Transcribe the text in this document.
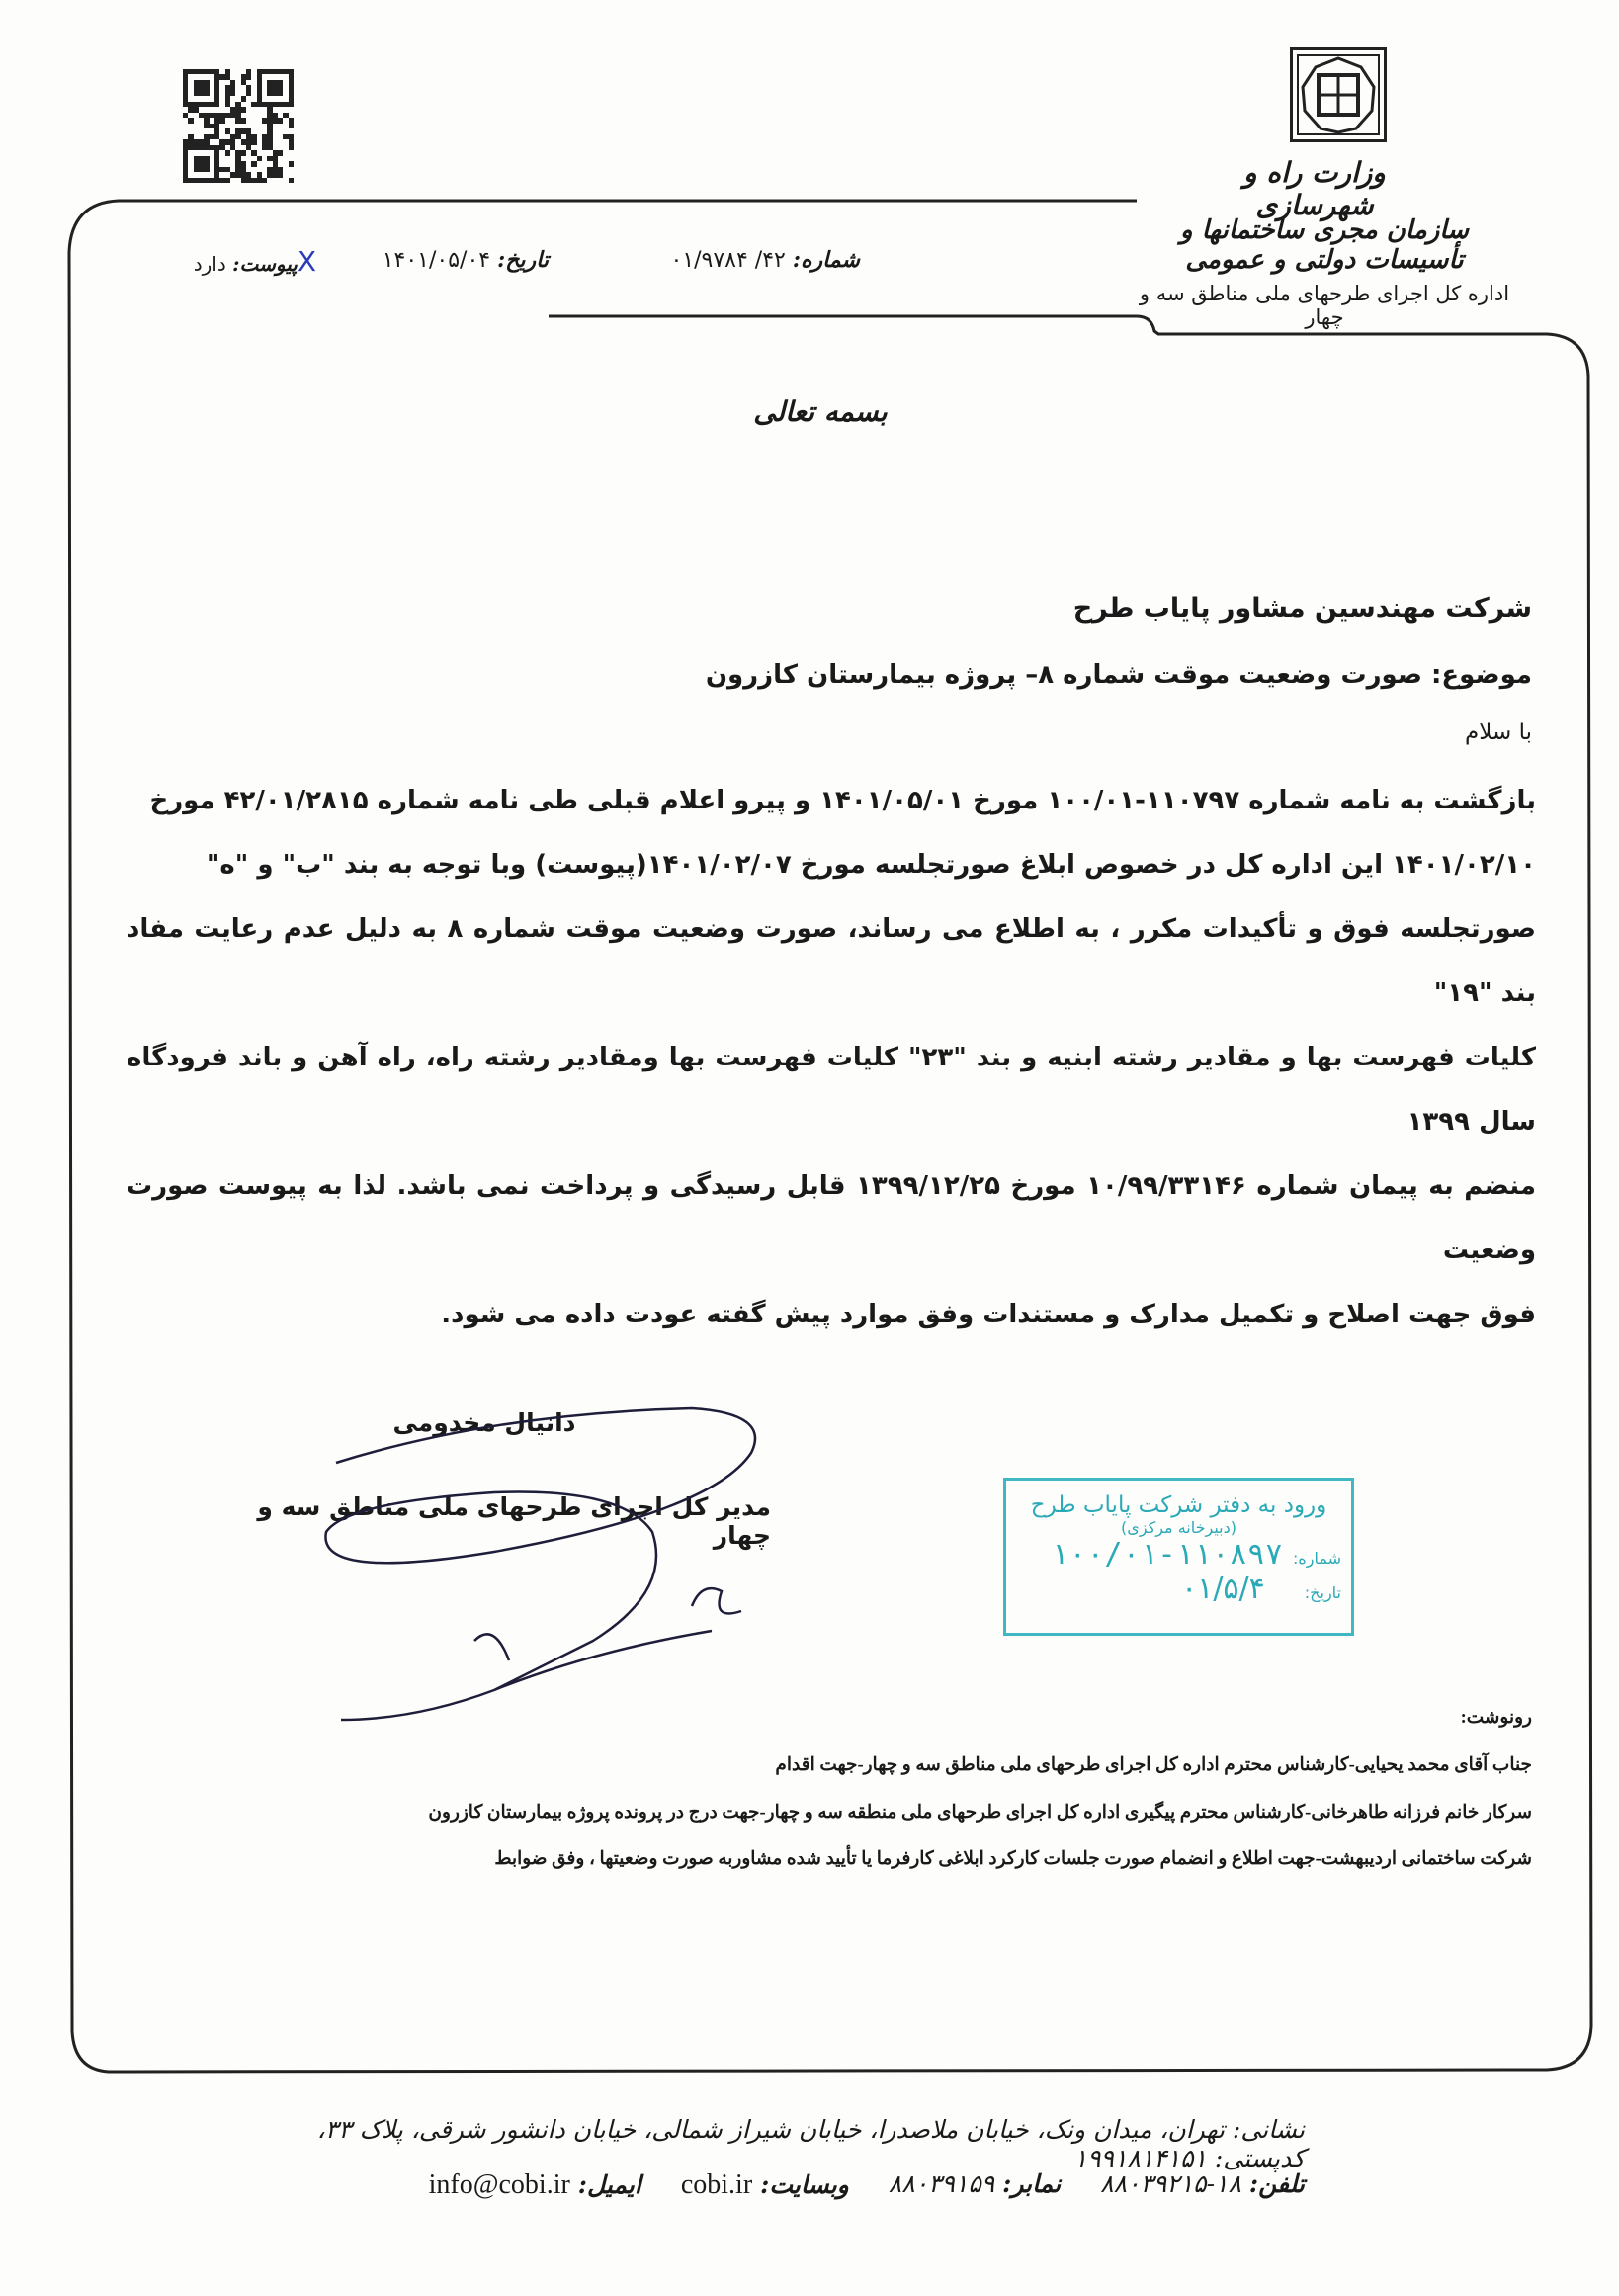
وزارت راه و شهرسازی
سازمان مجری ساختمانها و تأسیسات دولتی و عمومی
اداره کل اجرای طرحهای ملی مناطق سه و چهار
شماره: ۴۲/ ۰۱/۹۷۸۴
تاریخ: ۱۴۰۱/۰۵/۰۴
Xپیوست: دارد
بسمه تعالی
شرکت مهندسین مشاور پایاب طرح
موضوع: صورت وضعیت موقت شماره ۸– پروژه بیمارستان کازرون
با سلام
بازگشت به نامه شماره ۱۱۰۷۹۷-۱۰۰/۰۱ مورخ ۱۴۰۱/۰۵/۰۱ و پیرو اعلام قبلی طی نامه شماره ۴۲/۰۱/۲۸۱۵ مورخ
۱۴۰۱/۰۲/۱۰ این اداره کل در خصوص ابلاغ صورتجلسه مورخ ۱۴۰۱/۰۲/۰۷(پیوست) وبا توجه به بند "ب" و "ه"
صورتجلسه فوق و تأکیدات مکرر ، به اطلاع می رساند، صورت وضعیت موقت شماره ۸ به دلیل عدم رعایت مفاد بند "۱۹"
کلیات فهرست بها و مقادیر رشته ابنیه و بند "۲۳" کلیات فهرست بها ومقادیر رشته راه، راه آهن و باند فرودگاه سال ۱۳۹۹
منضم به پیمان شماره ۱۰/۹۹/۳۳۱۴۶ مورخ ۱۳۹۹/۱۲/۲۵ قابل رسیدگی و پرداخت نمی باشد. لذا به پیوست صورت وضعیت
فوق جهت اصلاح و تکمیل مدارک و مستندات وفق موارد پیش گفته عودت داده می شود.
دانیال مخدومی
مدیر کل اجرای طرحهای ملی مناطق سه و چهار
ورود به دفتر شرکت پایاب طرح
(دبیرخانه مرکزی)
شماره:
۱۰۰/۰۱-۱۱۰۸۹۷
تاریخ:
۰۱/۵/۴
رونوشت:
جناب آقای محمد یحیایی-کارشناس محترم اداره کل اجرای طرحهای ملی مناطق سه و چهار-جهت اقدام
سرکار خانم فرزانه طاهرخانی-کارشناس محترم پیگیری اداره کل اجرای طرحهای ملی منطقه سه و چهار-جهت درج در پرونده پروژه بیمارستان کازرون
شرکت ساختمانی اردیبهشت-جهت اطلاع و انضمام صورت جلسات کارکرد ابلاغی کارفرما یا تأیید شده مشاوربه صورت وضعیتها ، وفق ضوابط
نشانی: تهران، میدان ونک، خیابان ملاصدرا، خیابان شیراز شمالی، خیابان دانشور شرقی، پلاک ۳۳، کدپستی: ۱۹۹۱۸۱۴۱۵۱
تلفن: ۱۸-۸۸۰۳۹۲۱۵
نمابر: ۸۸۰۳۹۱۵۹
وبسایت: cobi.ir
ایمیل: info@cobi.ir
